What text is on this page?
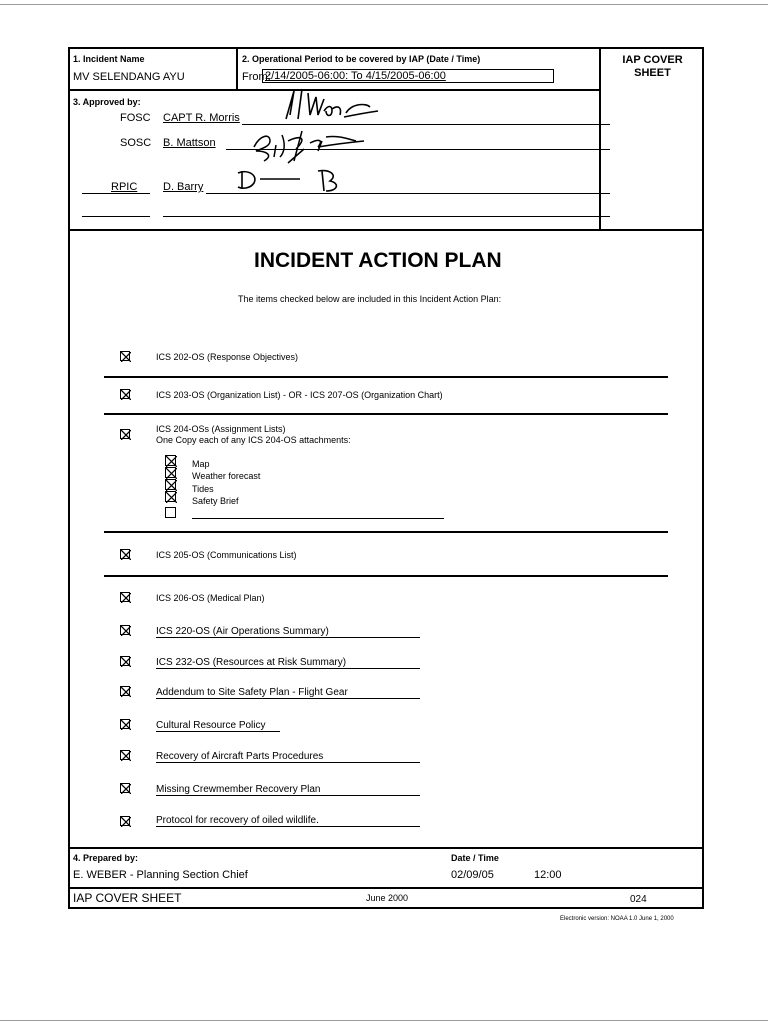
1. Incident Name
MV SELENDANG AYU
2. Operational Period to be covered by IAP (Date / Time)
From:
2/14/2005-06:00: To 4/15/2005-06:00
IAP COVER
SHEET
3. Approved by:
FOSC CAPT R. Morris
SOSC B. Mattson
RPIC D. Barry
INCIDENT ACTION PLAN
The items checked below are included in this Incident Action Plan:
ICS 202-OS (Response Objectives)
ICS 203-OS (Organization List) - OR - ICS 207-OS (Organization Chart)
ICS 204-OSs (Assignment Lists)
One Copy each of any ICS 204-OS attachments:
Map
Weather forecast
Tides
Safety Brief
ICS 205-OS (Communications List)
ICS 206-OS (Medical Plan)
ICS 220-OS (Air Operations Summary)
ICS 232-OS (Resources at Risk Summary)
Addendum to Site Safety Plan - Flight Gear
Cultural Resource Policy
Recovery of Aircraft Parts Procedures
Missing Crewmember Recovery Plan
Protocol for recovery of oiled wildlife.
4. Prepared by:
E. WEBER - Planning Section Chief
Date / Time
02/09/05	12:00
IAP COVER SHEET	June 2000	024
Electronic version: NOAA 1.0 June 1, 2000
